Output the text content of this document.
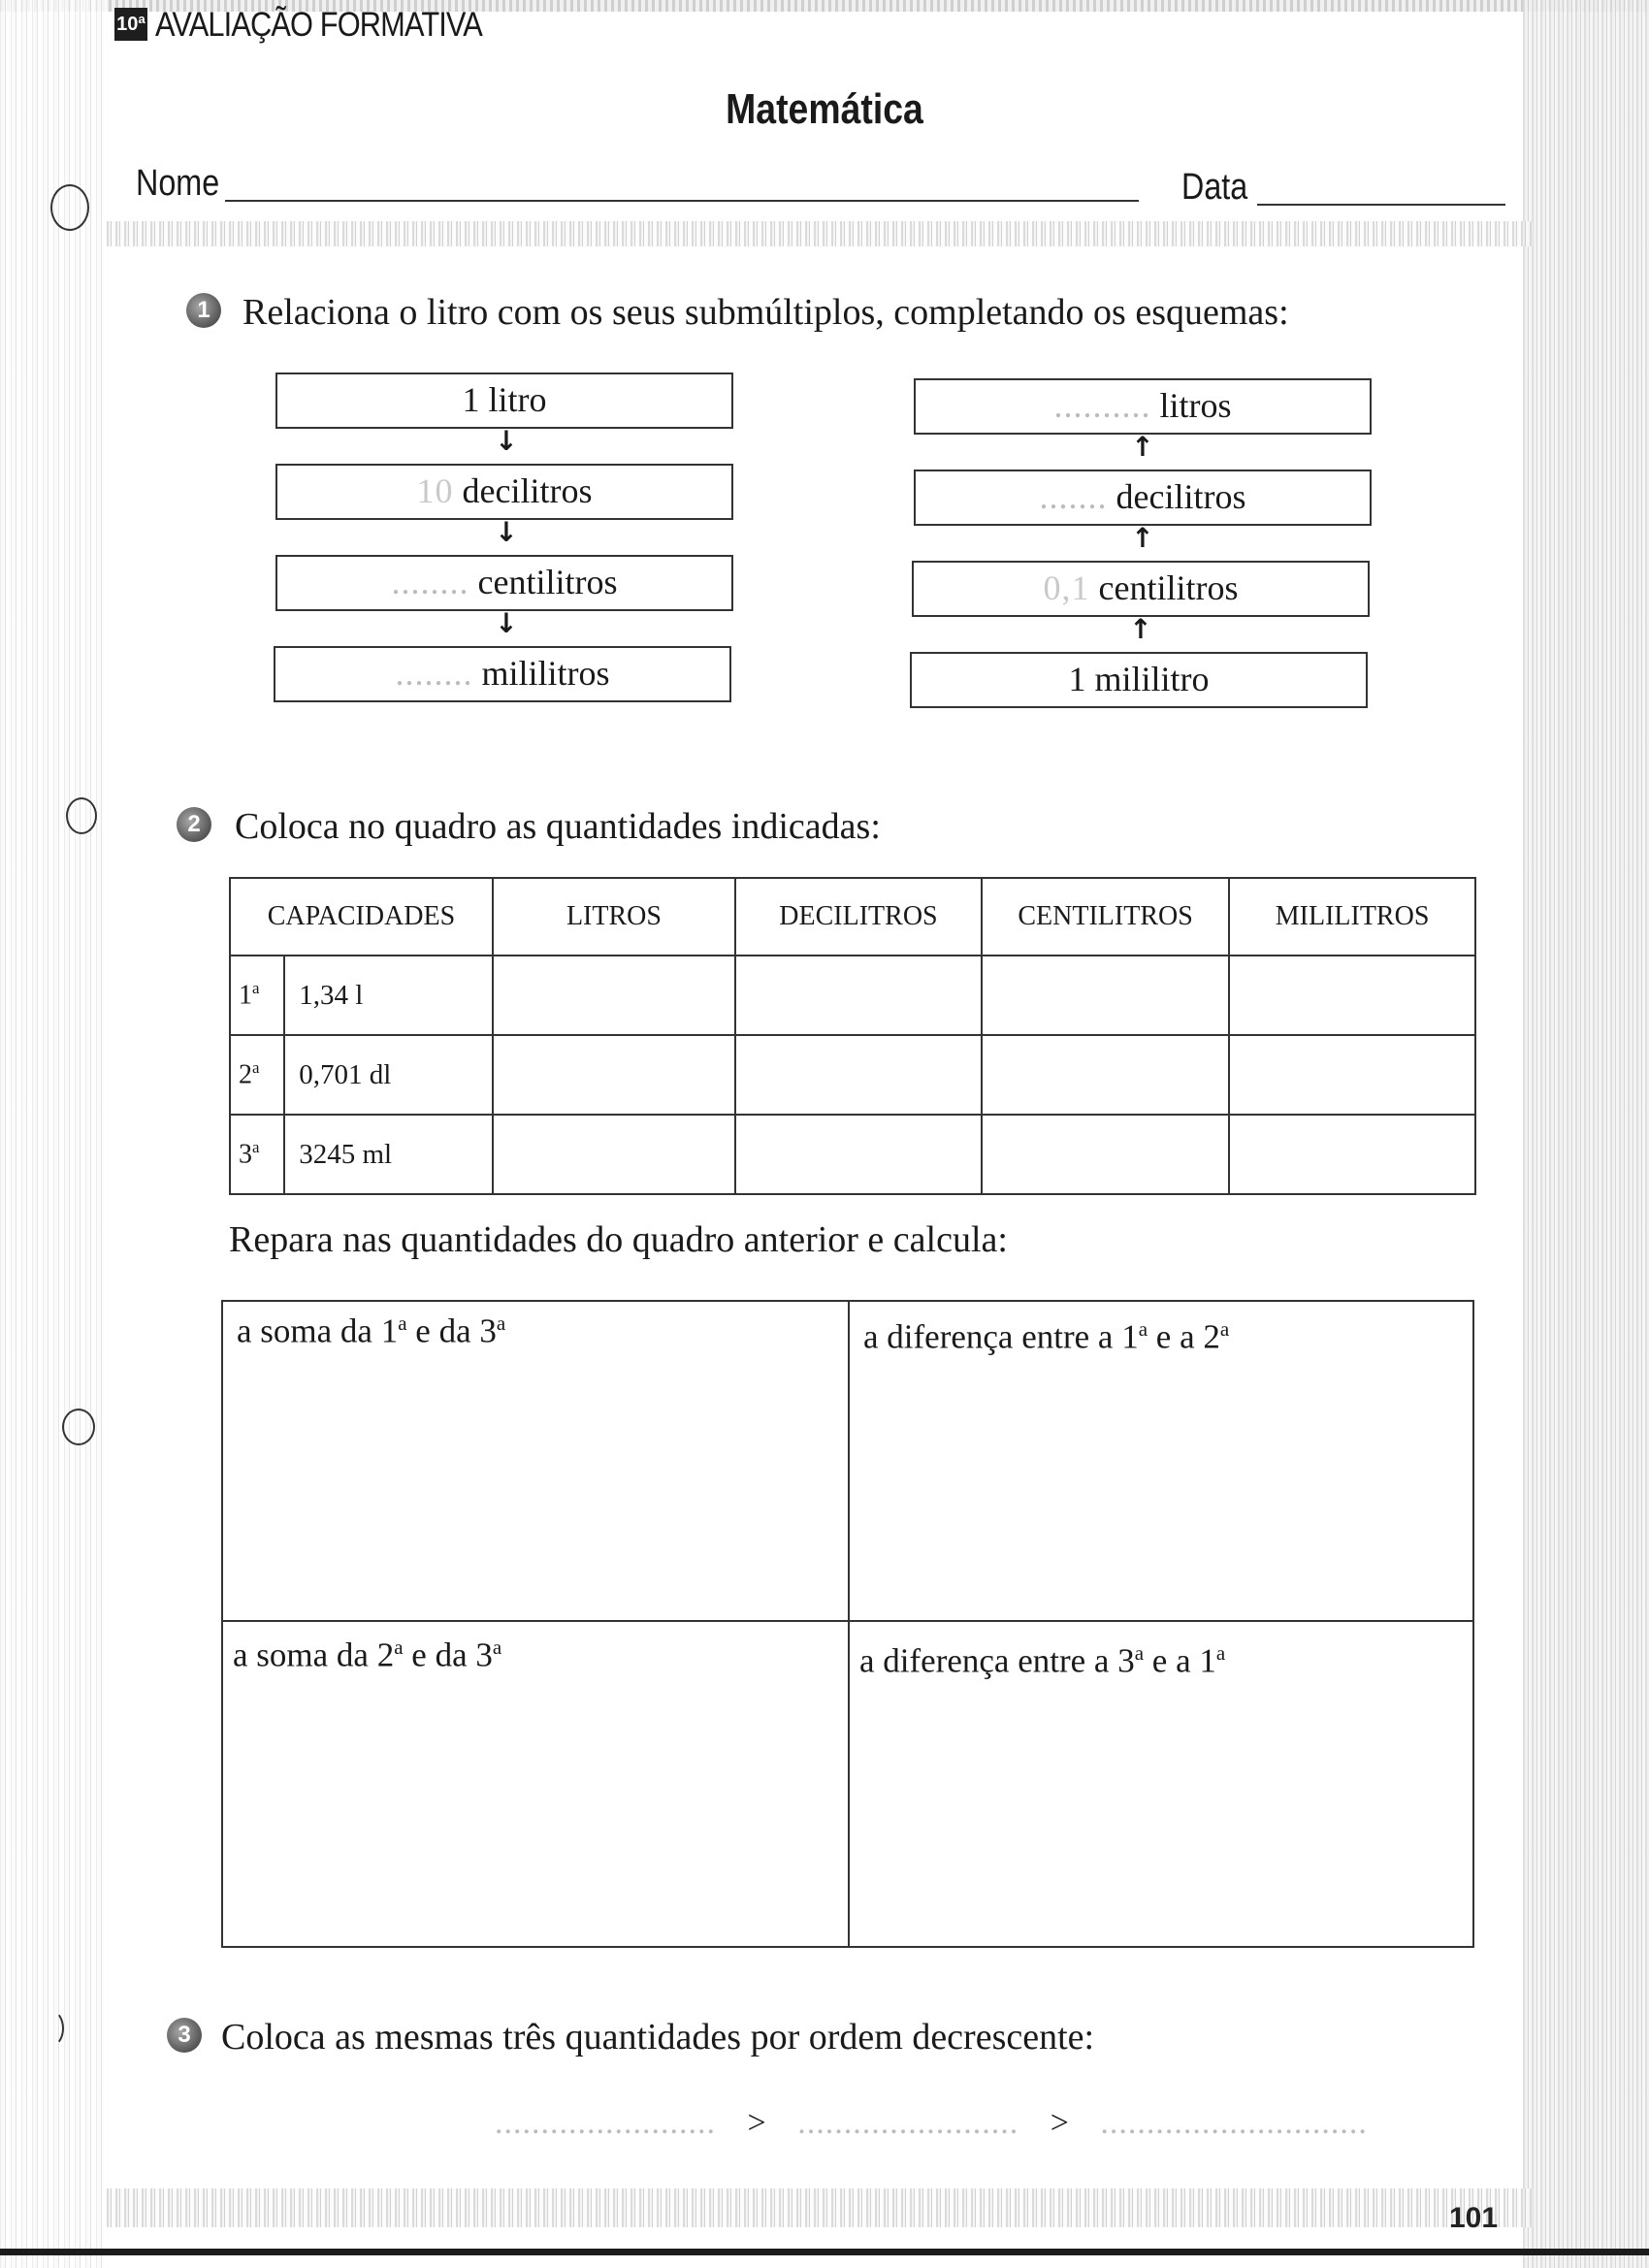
10ª AVALIAÇÃO FORMATIVA
Matemática
Nome	Data
1 Relaciona o litro com os seus submúltiplos, completando os esquemas:
1 litro
↓
10 decilitros
↓
........ centilitros
↓
........ mililitros
.......... litros
↑
....... decilitros
↑
0,1 centilitros
↑
1 mililitro
2 Coloca no quadro as quantidades indicadas:
CAPACIDADES		LITROS	DECILITROS	CENTILITROS	MILILITROS
1$^a$	1,34 l				
2$^a$	0,701 dl				
3$^a$	3245 ml				
Repara nas quantidades do quadro anterior e calcula:
a soma da 1$^a$ e da 3$^a$	a diferença entre a 1$^a$ e a 2$^a$
a soma da 2$^a$ e da 3$^a$	a diferença entre a 3$^a$ e a 1$^a$
3 Coloca as mesmas três quantidades por ordem decrescente:
........................ > ........................ > .............................
101
